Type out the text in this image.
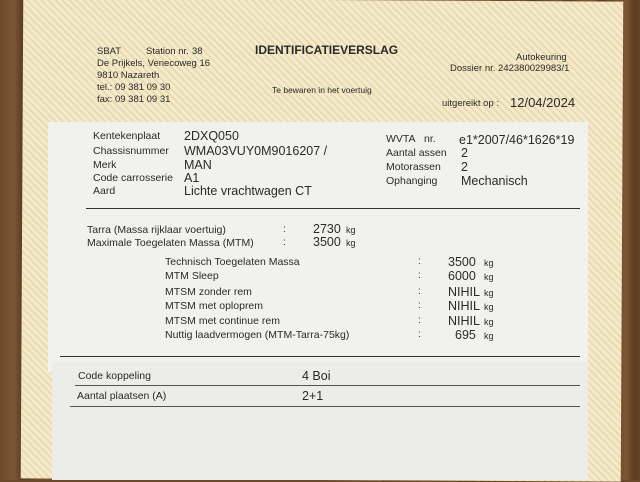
SBAT	Station nr. 38
De Prijkels, Venecoweg 16
9810 Nazareth
tel.: 09 381 09 30
fax: 09 381 09 31
IDENTIFICATIEVERSLAG
Te bewaren in het voertuig
Autokeuring
Dossier nr. 242380029983/1
uitgereikt op : 12/04/2024
Kentekenplaat 2DXQ050
Chassisnummer WMA03VUY0M9016207 /
Merk	MAN
Code carrosserie A1
Aard	Lichte vrachtwagen CT
WVTA nr. e1*2007/46*1626*19
Aantal assen 2
Motorassen 2
Ophanging Mechanisch
Tarra (Massa rijklaar voertuig)	: 2730 kg
Maximale Toegelaten Massa (MTM)	: 3500 kg
Technisch Toegelaten Massa	: 3500 kg
MTM Sleep	: 6000 kg
MTSM zonder rem	: NIHIL kg
MTSM met oploprem	: NIHIL kg
MTSM met continue rem	: NIHIL kg
Nuttig laadvermogen (MTM-Tarra-75kg)	:	695 kg
Code koppeling	4 Boi
Aantal plaatsen (A)	2+1
